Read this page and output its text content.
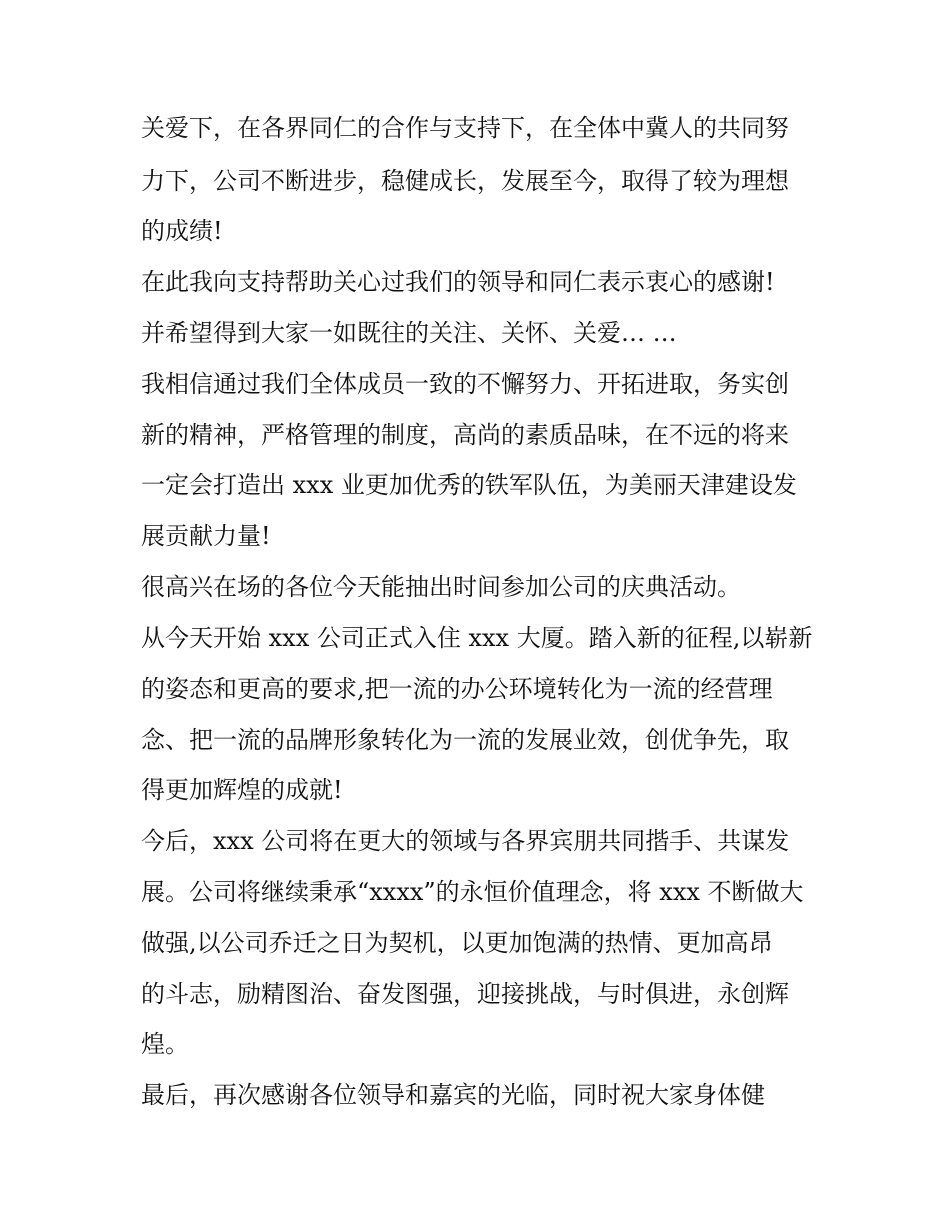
关爱下，在各界同仁的合作与支持下，在全体中冀人的共同努

力下，公司不断进步，稳健成长，发展至今，取得了较为理想

的成绩!

在此我向支持帮助关心过我们的领导和同仁表示衷心的感谢!

并希望得到大家一如既往的关注、关怀、关爱… …

我相信通过我们全体成员一致的不懈努力、开拓进取，务实创

新的精神，严格管理的制度，高尚的素质品味，在不远的将来

一定会打造出 xxx 业更加优秀的铁军队伍，为美丽天津建设发

展贡献力量!

很高兴在场的各位今天能抽出时间参加公司的庆典活动。

从今天开始 xxx 公司正式入住 xxx 大厦。踏入新的征程,以崭新

的姿态和更高的要求,把一流的办公环境转化为一流的经营理

念、把一流的品牌形象转化为一流的发展业效，创优争先，取

得更加辉煌的成就!

今后，xxx 公司将在更大的领域与各界宾朋共同揩手、共谋发

展。公司将继续秉承“xxxx”的永恒价值理念，将 xxx 不断做大

做强,以公司乔迁之日为契机，以更加饱满的热情、更加高昂

的斗志，励精图治、奋发图强，迎接挑战，与时俱进，永创辉

煌。

最后，再次感谢各位领导和嘉宾的光临，同时祝大家身体健
